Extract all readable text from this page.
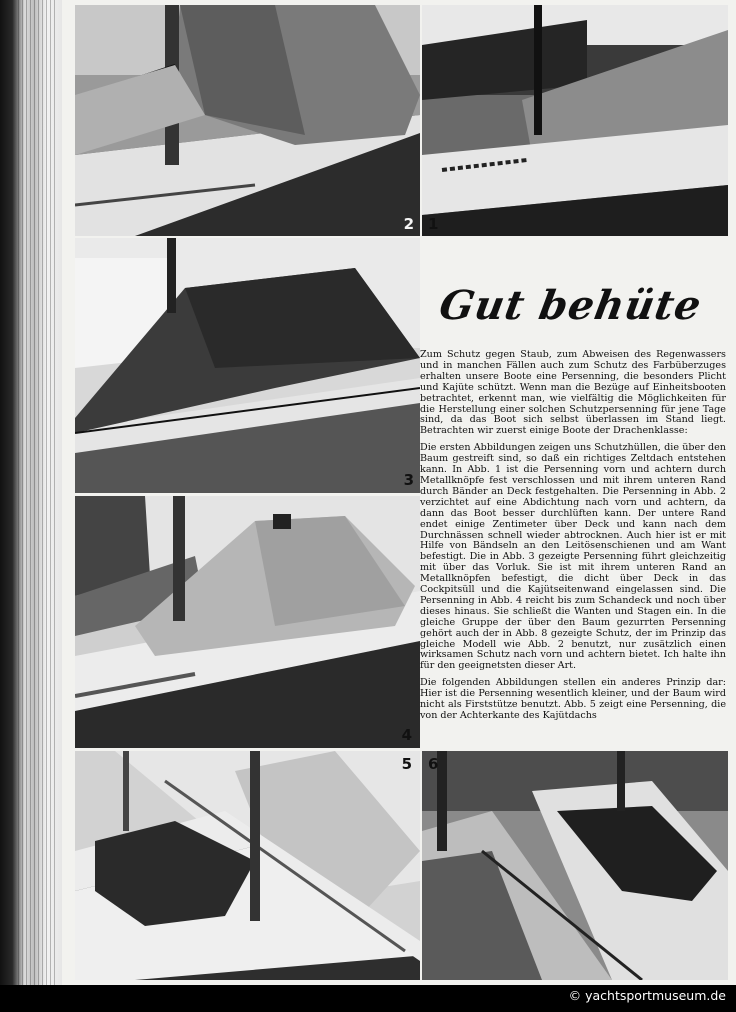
2 1
3
4
5 6
Gut behüte

Zum Schutz gegen Staub, zum Abweisen des Regenwassers und in manchen Fällen auch zum Schutz des Farbüberzuges erhalten unsere Boote eine Persenning, die besonders Plicht und Kajüte schützt. Wenn man die Bezüge auf Einheitsbooten betrachtet, erkennt man, wie vielfältig die Möglichkeiten für die Herstellung einer solchen Schutzpersenning für jene Tage sind, da das Boot sich selbst überlassen im Stand liegt. Betrachten wir zuerst einige Boote der Drachenklasse:

Die ersten Abbildungen zeigen uns Schutzhüllen, die über den Baum gestreift sind, so daß ein richtiges Zeltdach entstehen kann. In Abb. 1 ist die Persenning vorn und achtern durch Metallknöpfe fest verschlossen und mit ihrem unteren Rand durch Bänder an Deck festgehalten. Die Persenning in Abb. 2 verzichtet auf eine Abdichtung nach vorn und achtern, da dann das Boot besser durchlüften kann. Der untere Rand endet einige Zentimeter über Deck und kann nach dem Durchnässen schnell wieder abtrocknen. Auch hier ist er mit Hilfe von Bändseln an den Leitösenschienen und am Want befestigt. Die in Abb. 3 gezeigte Persenning führt gleichzeitig mit über das Vorluk. Sie ist mit ihrem unteren Rand an Metallknöpfen befestigt, die dicht über Deck in das Cockpitsüll und die Kajütseitenwand eingelassen sind. Die Persenning in Abb. 4 reicht bis zum Schandeck und noch über dieses hinaus. Sie schließt die Wanten und Stagen ein. In die gleiche Gruppe der über den Baum gezurrten Persenning gehört auch der in Abb. 8 gezeigte Schutz, der im Prinzip das gleiche Modell wie Abb. 2 benutzt, nur zusätzlich einen wirksamen Schutz nach vorn und achtern bietet. Ich halte ihn für den geeignetsten dieser Art.

Die folgenden Abbildungen stellen ein anderes Prinzip dar: Hier ist die Persenning wesentlich kleiner, und der Baum wird nicht als Firststütze benutzt. Abb. 5 zeigt eine Persenning, die von der Achterkante des Kajütdachs

© yachtsportmuseum.de
